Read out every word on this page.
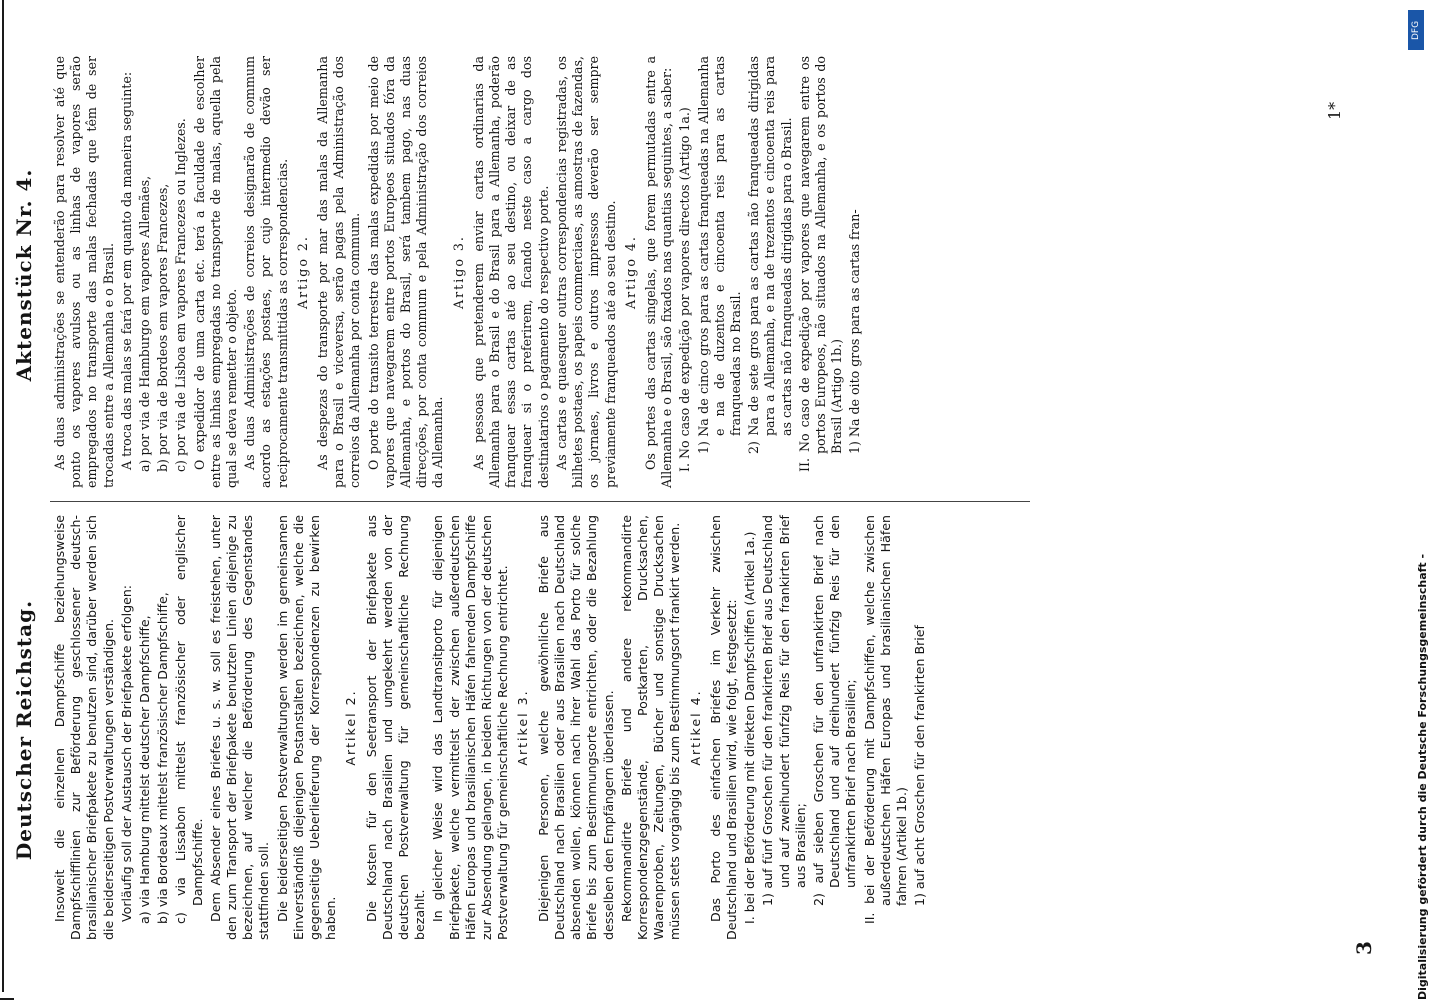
3
Deutscher Reichstag.
Aktenstück Nr. 4.

Insoweit die einzelnen Dampfschiffe beziehungsweise Dampfschifflinien zur Beförderung geschlossener deutsch-brasilianischer Briefpakete zu benutzen sind, darüber werden sich die beiderseitigen Postverwaltungen verständigen. Vorläufig soll der Austausch der Briefpakete erfolgen: a) via Hamburg mittelst deutscher Dampfschiffe, b) via Bordeaux mittelst französischer Dampfschiffe, c) via Lissabon mittelst französischer oder englischer Dampfschiffe. Dem Absender eines Briefes u. s. w. soll es freistehen, unter den zum Transport der Briefpakete benutzten Linien diejenige zu bezeichnen, auf welcher die Beförderung des Gegenstandes stattfinden soll. Die beiderseitigen Postverwaltungen werden im gemeinsamen Einverständniß diejenigen Postanstalten bezeichnen, welche die gegenseitige Ueberlieferung der Korrespondenzen zu bewirken haben.

Artikel 2. Die Kosten für den Seetransport der Briefpakete aus Deutschland nach Brasilien und umgekehrt werden von der deutschen Postverwaltung für gemeinschaftliche Rechnung bezahlt. In gleicher Weise wird das Landtransitporto für diejenigen Briefpakete, welche vermittelst der zwischen außerdeutschen Häfen Europas und brasilianischen Häfen fahrenden Dampfschiffe zur Absendung gelangen, in beiden Richtungen von der deutschen Postverwaltung für gemeinschaftliche Rechnung entrichtet. Artikel 3. Diejenigen Personen, welche gewöhnliche Briefe aus Deutschland nach Brasilien oder aus Brasilien nach Deutschland absenden wollen, können nach ihrer Wahl das Porto für solche Briefe bis zum Bestimmungsorte entrichten, oder die Bezahlung desselben den Empfängern überlassen. Rekommandirte Briefe und andere rekommandirte Korrespondenzgegenstände, Postkarten, Drucksachen, Waarenproben, Zeitungen, Bücher und sonstige Drucksachen müssen stets vorgängig bis zum Bestimmungsort frankirt werden. Artikel 4. Das Porto des einfachen Briefes im Verkehr zwischen Deutschland und Brasilien wird, wie folgt, festgesetzt: I. bei der Beförderung mit direkten Dampfschiffen (Artikel 1a.) 1) auf fünf Groschen für den frankirten Brief aus Deutschland und auf zweihundert fünfzig Reis für den frankirten Brief aus Brasilien; 2) auf sieben Groschen für den unfrankirten Brief nach Deutschland und auf dreihundert fünfzig Reis für den unfrankirten Brief nach Brasilien; II. bei der Beförderung mit Dampfschiffen, welche zwischen außerdeutschen Häfen Europas und brasilianischen Häfen fahren (Artikel 1b.) 1) auf acht Groschen für den frankirten Brief

As duas administrações se entenderão para resolver até que ponto os vapores avulsos ou as linhas de vapores serão empregados no transporte das malas fechadas que têm de ser trocadas entre a Allemanha e o Brasil. A troca das malas se fará por em quanto da maneira seguinte: a) por via de Hamburgo em vapores Allemães, b) por via de Bordeos em vapores Francezes, c) por via de Lisboa em vapores Francezes ou Inglezes. O expedidor de uma carta etc. terá a faculdade de escolher entre as linhas empregadas no transporte de malas, aquella pela qual se deva remetter o objeto. As duas Administrações de correios designarão de commum acordo as estações postaes, por cujo intermedio devão ser reciprocamente transmittidas as correspondencias. Artigo 2. As despezas do transporte por mar das malas da Allemanha para o Brasil e viceversa, serão pagas pela Administração dos correios da Allemanha por conta commum. O porte do transito terrestre das malas expedidas por meio de vapores que navegarem entre portos Europeos situados fóra da Allemanha, e portos do Brasil, será tambem pago, nas duas direcções, por conta commum e pela Administração dos correios da Allemanha.

Artigo 3. As pessoas que pretenderem enviar cartas ordinarias da Allemanha para o Brasil e do Brasil para a Allemanha, poderão franquear essas cartas até ao seu destino, ou deixar de as franquear si o preferirem, ficando neste caso a cargo dos destinatarios o pagamento do respectivo porte. As cartas e quaesquer outras correspondencias registradas, os bilhetes postaes, os papeis commerciaes, as amostras de fazendas, os jornaes, livros e outros impressos deverão ser sempre previamente franqueados até ao seu destino. Artigo 4. Os portes das cartas singelas, que forem permutadas entre a Allemanha e o Brasil, são fixados nas quantias seguintes, a saber: I. No caso de expedição por vapores directos (Artigo 1a.) 1) Na de cinco gros para as cartas franqueadas na Allemanha e na de duzentos e cincoenta reis para as cartas franqueadas no Brasil. 2) Na de sete gros para as cartas não franqueadas dirigidas para a Allemanha, e na de trezentos e cincoenta reis para as cartas não franqueadas dirigidas para o Brasil. II. No caso de expedição por vapores que navegarem entre os portos Europeos, não situados na Allemanha, e os portos do Brasil (Artigo 1b.) 1) Na de oito gros para as cartas fran-

1*
Digitalisierung gefördert durch die Deutsche Forschungsgemeinschaft -
DFG
